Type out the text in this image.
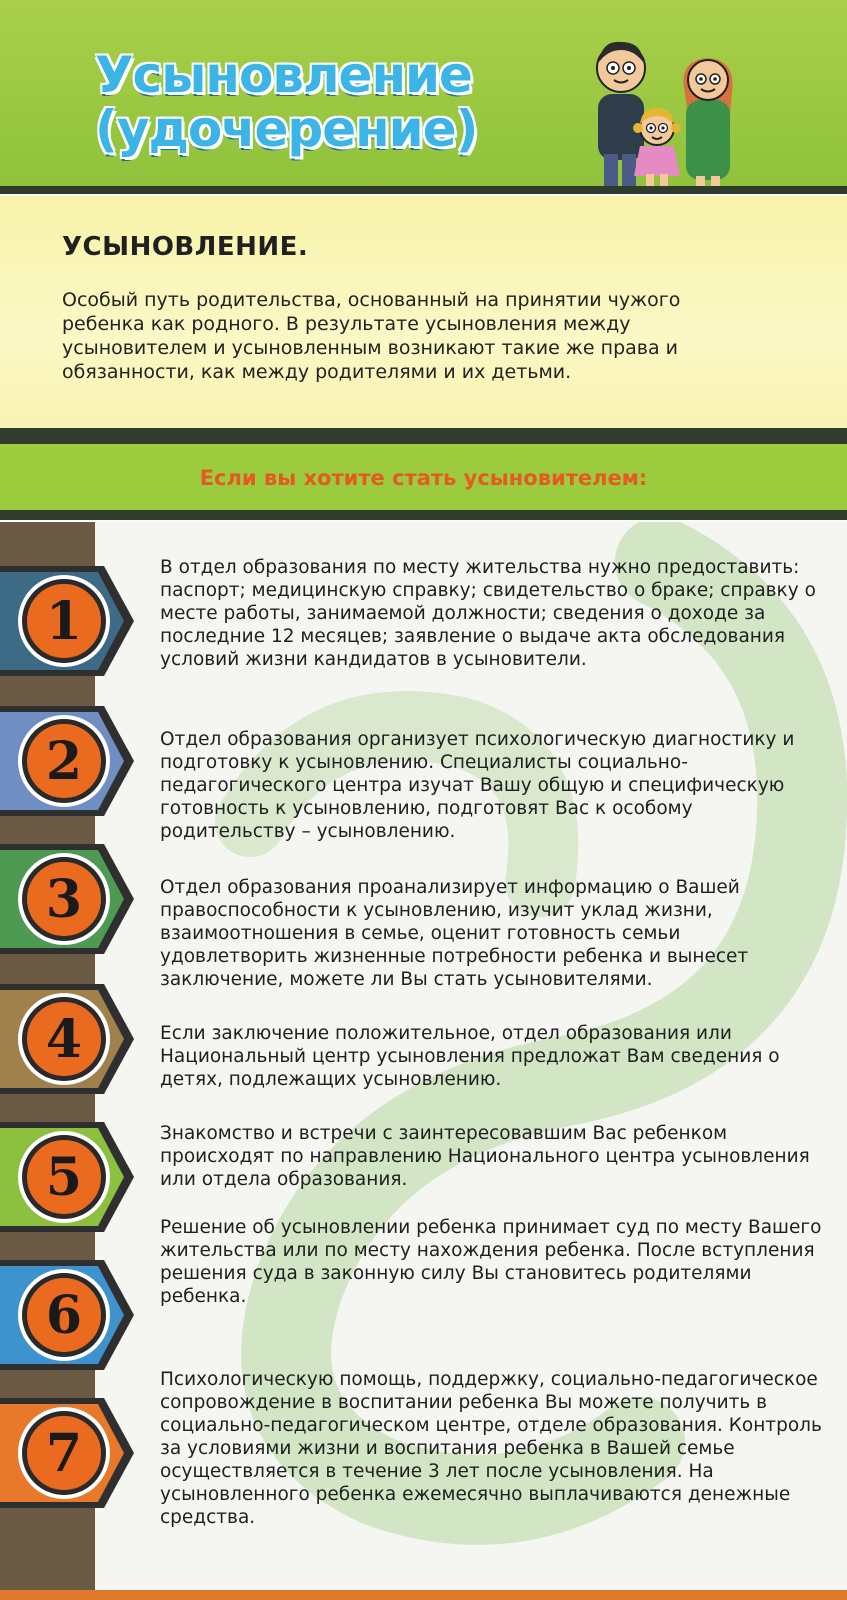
Усыновление
(удочерение)
УСЫНОВЛЕНИЕ.
Особый путь родительства, основанный на принятии чужого ребенка как родного. В результате усыновления между усыновителем и усыновленным возникают такие же права и обязанности, как между родителями и их детьми.
Если вы хотите стать усыновителем:
1
2
3
4
5
6
7
В отдел образования по месту жительства нужно предоставить: паспорт; медицинскую справку; свидетельство о браке; справку о месте работы, занимаемой должности; сведения о доходе за последние 12 месяцев; заявление о выдаче акта обследования условий жизни кандидатов в усыновители.
Отдел образования организует психологическую диагностику и подготовку к усыновлению. Специалисты социально-педагогического центра изучат Вашу общую и специфическую готовность к усыновлению, подготовят Вас к особому родительству – усыновлению.
Отдел образования проанализирует информацию о Вашей правоспособности к усыновлению, изучит уклад жизни, взаимоотношения в семье, оценит готовность семьи удовлетворить жизненные потребности ребенка и вынесет заключение, можете ли Вы стать усыновителями.
Если заключение положительное, отдел образования или Национальный центр усыновления предложат Вам сведения о детях, подлежащих усыновлению.
Знакомство и встречи с заинтересовавшим Вас ребенком происходят по направлению Национального центра усыновления или отдела образования.
Решение об усыновлении ребенка принимает суд по месту Вашего жительства или по месту нахождения ребенка. После вступления решения суда в законную силу Вы становитесь родителями ребенка.
Психологическую помощь, поддержку, социально-педагогическое сопровождение в воспитании ребенка Вы можете получить в социально-педагогическом центре, отделе образования. Контроль за условиями жизни и воспитания ребенка в Вашей семье осуществляется в течение 3 лет после усыновления. На усыновленного ребенка ежемесячно выплачиваются денежные средства.
